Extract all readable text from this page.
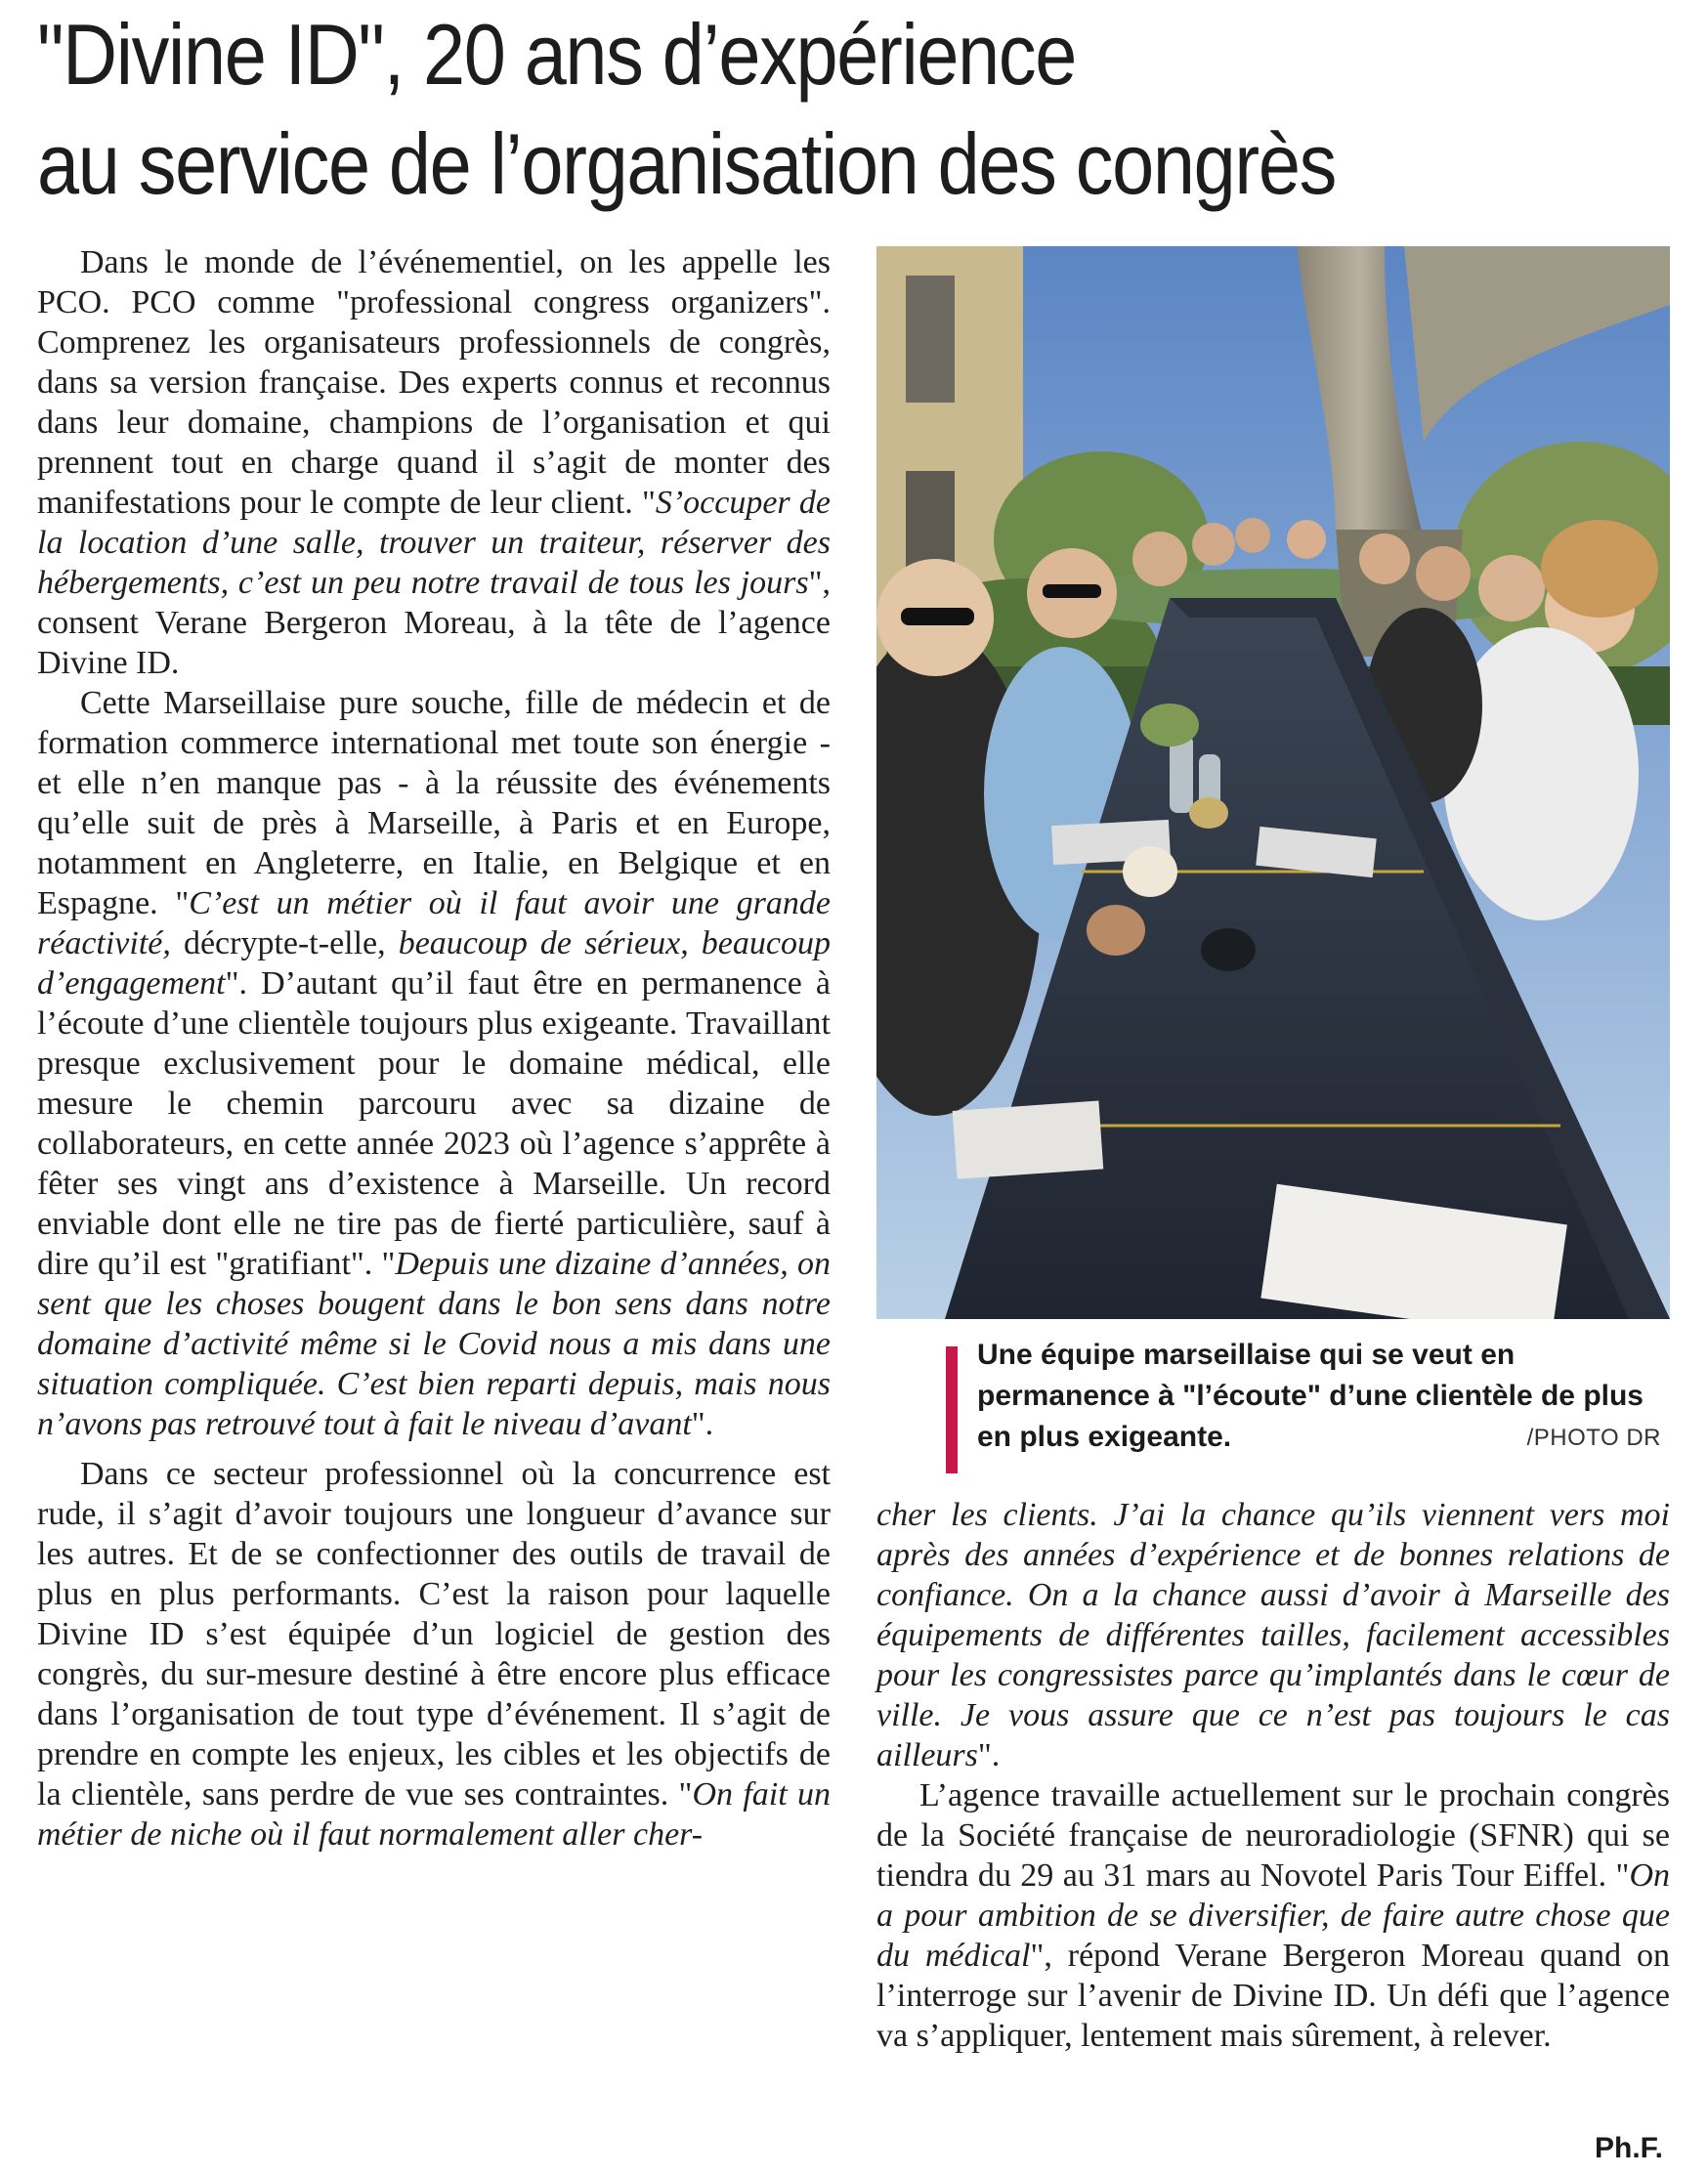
"Divine ID", 20 ans d’expérience
au service de l’organisation des congrès

Dans le monde de l’événementiel, on les appelle les PCO. PCO comme "professional congress organizers". Comprenez les organisateurs professionnels de congrès, dans sa version française. Des experts connus et reconnus dans leur domaine, champions de l’organisation et qui prennent tout en charge quand il s’agit de monter des manifestations pour le compte de leur client. "S’occuper de la location d’une salle, trouver un traiteur, réserver des hébergements, c’est un peu notre travail de tous les jours", consent Verane Bergeron Moreau, à la tête de l’agence Divine ID.

Cette Marseillaise pure souche, fille de médecin et de formation commerce international met toute son énergie - et elle n’en manque pas - à la réussite des événements qu’elle suit de près à Marseille, à Paris et en Europe, notamment en Angleterre, en Italie, en Belgique et en Espagne. "C’est un métier où il faut avoir une grande réactivité, décrypte-t-elle, beaucoup de sérieux, beaucoup d’engagement". D’autant qu’il faut être en permanence à l’écoute d’une clientèle toujours plus exigeante. Travaillant presque exclusivement pour le domaine médical, elle mesure le chemin parcouru avec sa dizaine de collaborateurs, en cette année 2023 où l’agence s’apprête à fêter ses vingt ans d’existence à Marseille. Un record enviable dont elle ne tire pas de fierté particulière, sauf à dire qu’il est "gratifiant". "Depuis une dizaine d’années, on sent que les choses bougent dans le bon sens dans notre domaine d’activité même si le Covid nous a mis dans une situation compliquée. C’est bien reparti depuis, mais nous n’avons pas retrouvé tout à fait le niveau d’avant".

Dans ce secteur professionnel où la concurrence est rude, il s’agit d’avoir toujours une longueur d’avance sur les autres. Et de se confectionner des outils de travail de plus en plus performants. C’est la raison pour laquelle Divine ID s’est équipée d’un logiciel de gestion des congrès, du sur-mesure destiné à être encore plus efficace dans l’organisation de tout type d’événement. Il s’agit de prendre en compte les enjeux, les cibles et les objectifs de la clientèle, sans perdre de vue ses contraintes. "On fait un métier de niche où il faut normalement aller cher-

Une équipe marseillaise qui se veut en permanence à "l’écoute" d’une clientèle de plus en plus exigeante.	/PHOTO DR

cher les clients. J’ai la chance qu’ils viennent vers moi après des années d’expérience et de bonnes relations de confiance. On a la chance aussi d’avoir à Marseille des équipements de différentes tailles, facilement accessibles pour les congressistes parce qu’implantés dans le cœur de ville. Je vous assure que ce n’est pas toujours le cas ailleurs".

L’agence travaille actuellement sur le prochain congrès de la Société française de neuroradiologie (SFNR) qui se tiendra du 29 au 31 mars au Novotel Paris Tour Eiffel. "On a pour ambition de se diversifier, de faire autre chose que du médical", répond Verane Bergeron Moreau quand on l’interroge sur l’avenir de Divine ID. Un défi que l’agence va s’appliquer, lentement mais sûrement, à relever.

Ph.F.
